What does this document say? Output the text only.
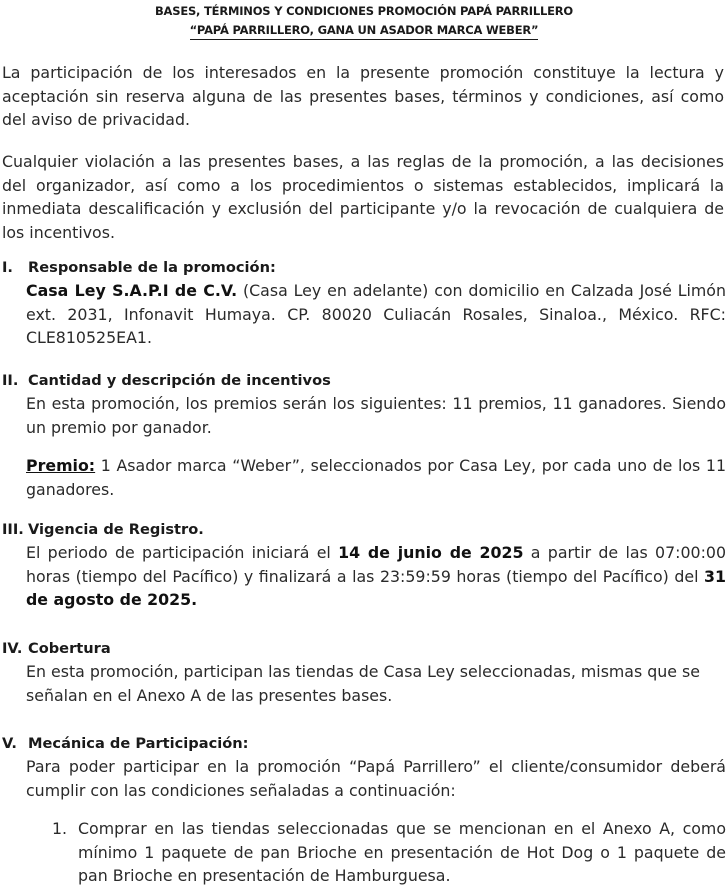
BASES, TÉRMINOS Y CONDICIONES PROMOCIÓN PAPÁ PARRILLERO
“PAPÁ PARRILLERO, GANA UN ASADOR MARCA WEBER”

La participación de los interesados en la presente promoción constituye la lectura y aceptación sin reserva alguna de las presentes bases, términos y condiciones, así como del aviso de privacidad.

Cualquier violación a las presentes bases, a las reglas de la promoción, a las decisiones del organizador, así como a los procedimientos o sistemas establecidos, implicará la inmediata descalificación y exclusión del participante y/o la revocación de cualquiera de los incentivos.

I. Responsable de la promoción:
Casa Ley S.A.P.I de C.V. (Casa Ley en adelante) con domicilio en Calzada José Limón ext. 2031, Infonavit Humaya. CP. 80020 Culiacán Rosales, Sinaloa., México. RFC: CLE810525EA1.
II. Cantidad y descripción de incentivos
En esta promoción, los premios serán los siguientes: 11 premios, 11 ganadores. Siendo un premio por ganador.
Premio: 1 Asador marca “Weber”, seleccionados por Casa Ley, por cada uno de los 11 ganadores.
III. Vigencia de Registro.
El periodo de participación iniciará el 14 de junio de 2025 a partir de las 07:00:00 horas (tiempo del Pacífico) y finalizará a las 23:59:59 horas (tiempo del Pacífico) del 31 de agosto de 2025.
IV. Cobertura
En esta promoción, participan las tiendas de Casa Ley seleccionadas, mismas que se señalan en el Anexo A de las presentes bases.
V. Mecánica de Participación:
Para poder participar en la promoción “Papá Parrillero” el cliente/consumidor deberá cumplir con las condiciones señaladas a continuación:
1. Comprar en las tiendas seleccionadas que se mencionan en el Anexo A, como mínimo 1 paquete de pan Brioche en presentación de Hot Dog o 1 paquete de pan Brioche en presentación de Hamburguesa.
